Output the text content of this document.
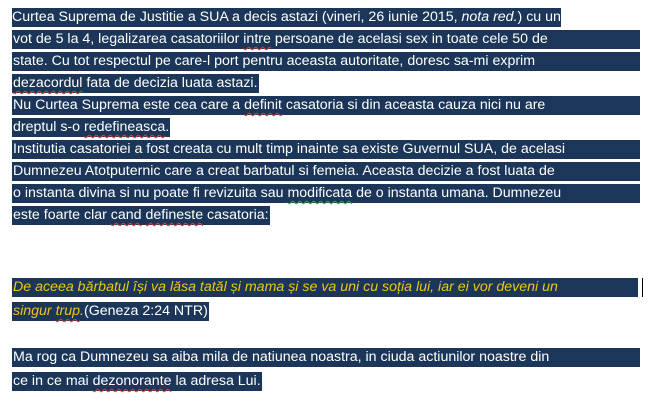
Curtea Suprema de Justitie a SUA a decis astazi (vineri, 26 iunie 2015, nota red.) cu un
vot de 5 la 4, legalizarea casatoriilor intre persoane de acelasi sex in toate cele 50 de
state. Cu tot respectul pe care-l port pentru aceasta autoritate, doresc sa-mi exprim
dezacordul fata de decizia luata astazi.
Nu Curtea Suprema este cea care a definit casatoria si din aceasta cauza nici nu are
dreptul s-o redefineasca.
Institutia casatoriei a fost creata cu mult timp inainte sa existe Guvernul SUA, de acelasi
Dumnezeu Atotputernic care a creat barbatul si femeia. Aceasta decizie a fost luata de
o instanta divina si nu poate fi revizuita sau modificata de o instanta umana. Dumnezeu
este foarte clar cand defineste casatoria:
De aceea bărbatul își va lăsa tatăl și mama și se va uni cu soția lui, iar ei vor deveni un
singur trup.(Geneza 2:24 NTR)
Ma rog ca Dumnezeu sa aiba mila de natiunea noastra, in ciuda actiunilor noastre din
ce in ce mai dezonorante la adresa Lui.
